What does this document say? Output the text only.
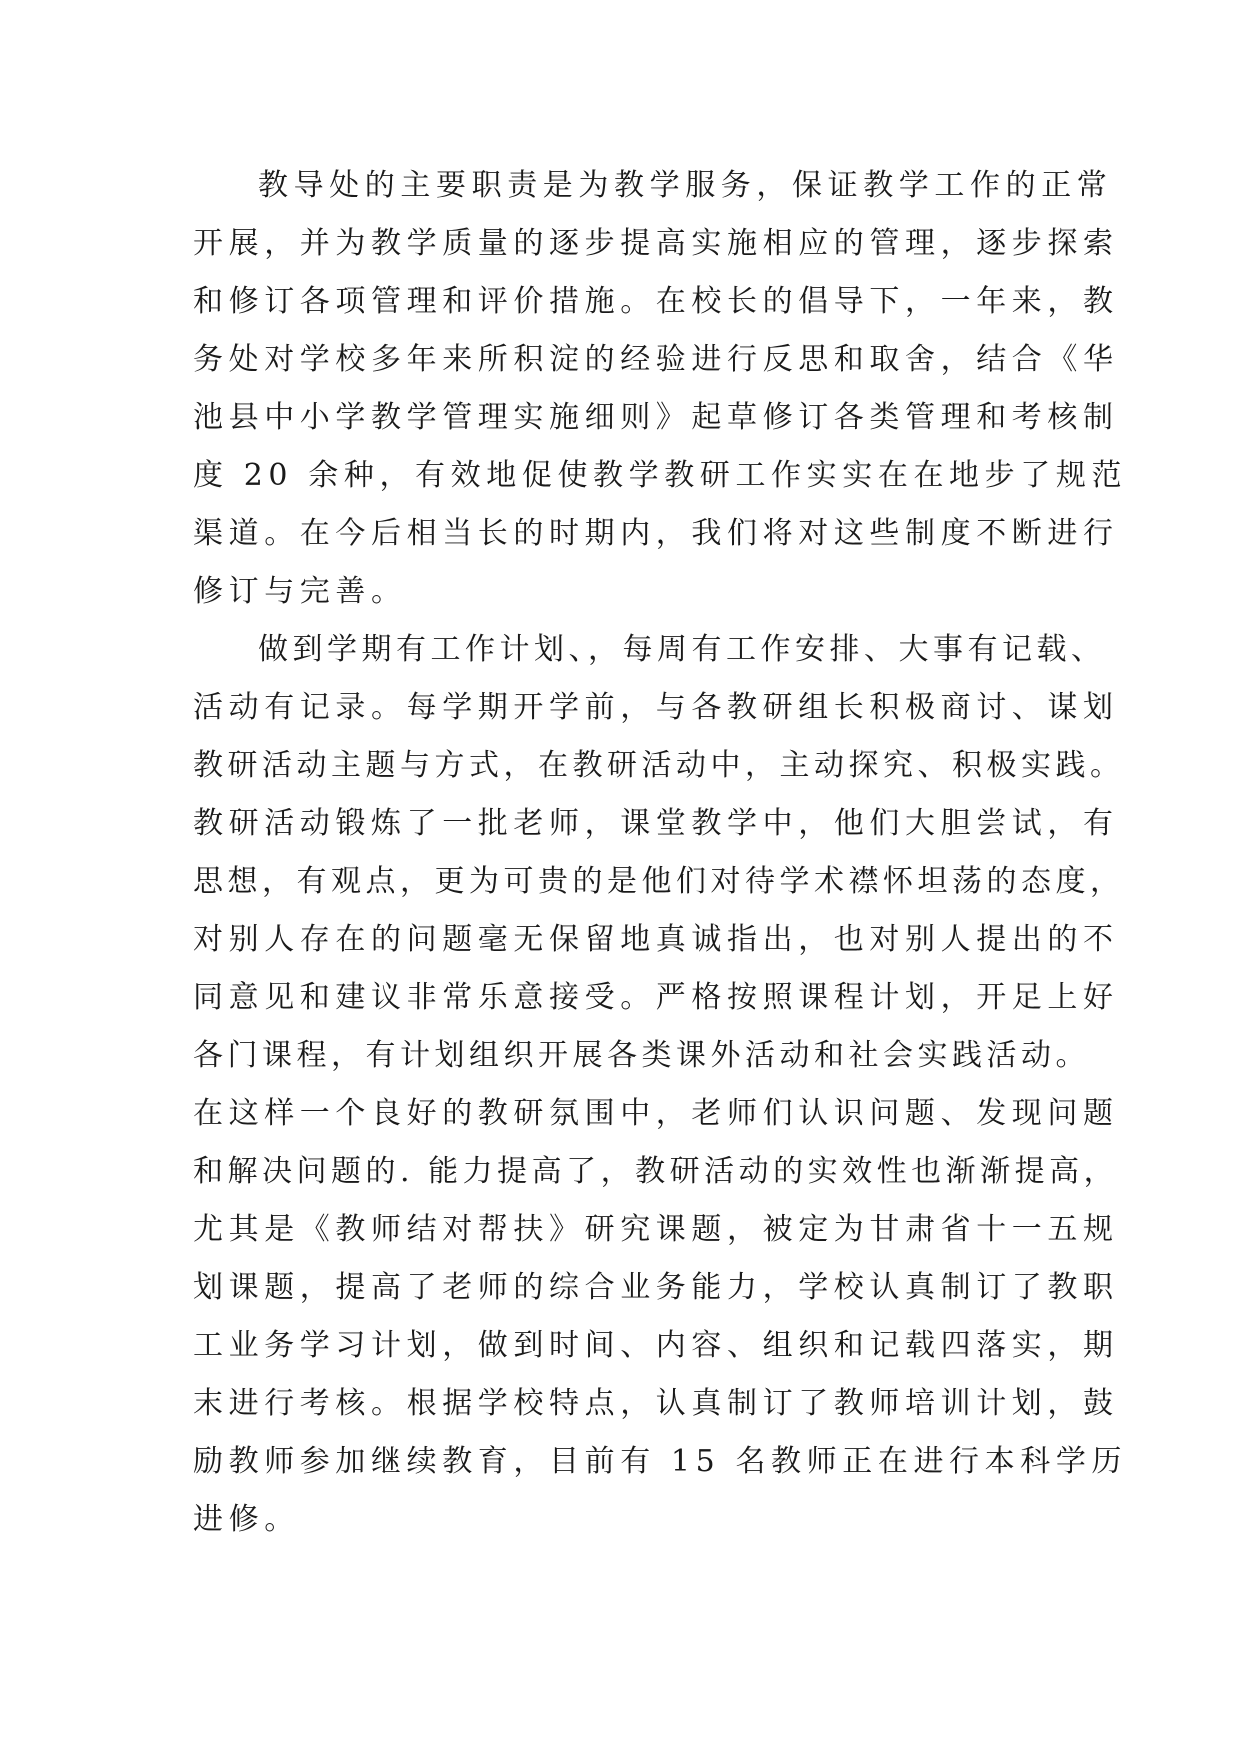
教导处的主要职责是为教学服务，保证教学工作的正常
开展，并为教学质量的逐步提高实施相应的管理，逐步探索
和修订各项管理和评价措施。在校长的倡导下，一年来，教
务处对学校多年来所积淀的经验进行反思和取舍，结合《华
池县中小学教学管理实施细则》起草修订各类管理和考核制
度 20 余种，有效地促使教学教研工作实实在在地步了规范
渠道。在今后相当长的时期内，我们将对这些制度不断进行
修订与完善。
做到学期有工作计划、，每周有工作安排、大事有记载、
活动有记录。每学期开学前，与各教研组长积极商讨、谋划
教研活动主题与方式，在教研活动中，主动探究、积极实践。
教研活动锻炼了一批老师，课堂教学中，他们大胆尝试，有
思想，有观点，更为可贵的是他们对待学术襟怀坦荡的态度，
对别人存在的问题毫无保留地真诚指出，也对别人提出的不
同意见和建议非常乐意接受。严格按照课程计划，开足上好
各门课程，有计划组织开展各类课外活动和社会实践活动。
在这样一个良好的教研氛围中，老师们认识问题、发现问题
和解决问题的. 能力提高了，教研活动的实效性也渐渐提高，
尤其是《教师结对帮扶》研究课题，被定为甘肃省十一五规
划课题，提高了老师的综合业务能力，学校认真制订了教职
工业务学习计划，做到时间、内容、组织和记载四落实，期
末进行考核。根据学校特点，认真制订了教师培训计划，鼓
励教师参加继续教育，目前有 15 名教师正在进行本科学历
进修。
